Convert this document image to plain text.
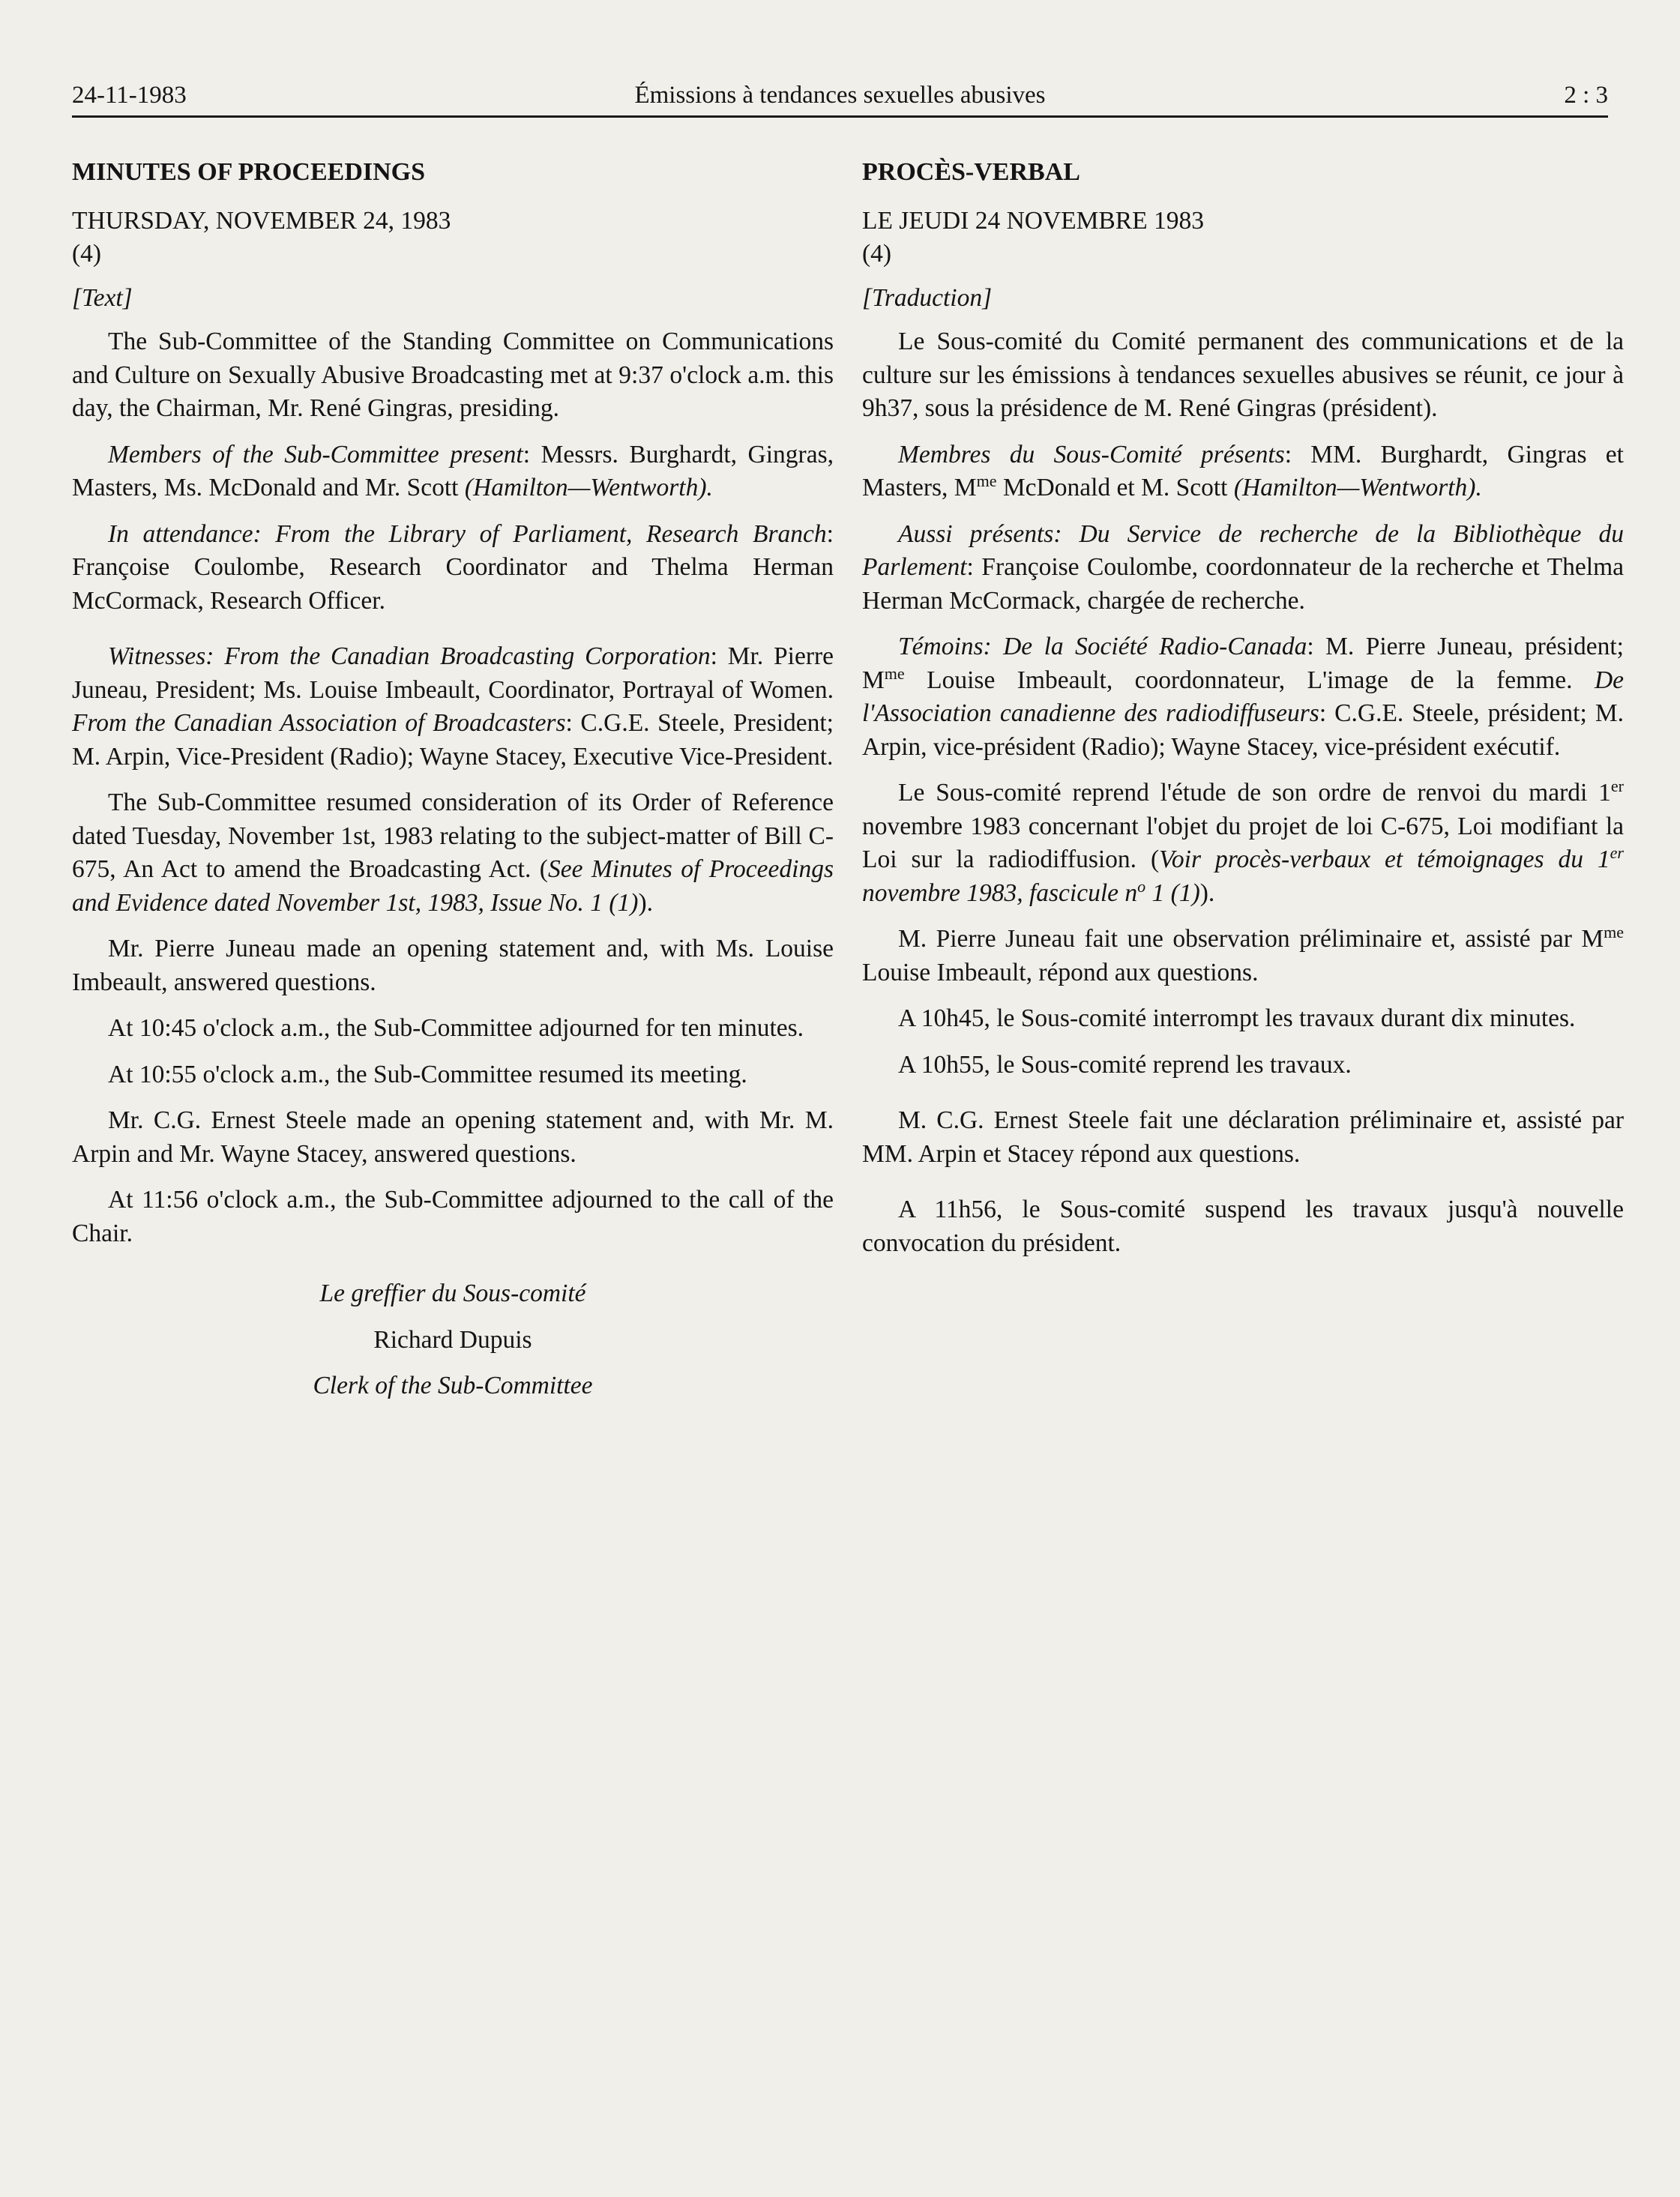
24-11-1983	Émissions à tendances sexuelles abusives	2 : 3

MINUTES OF PROCEEDINGS

THURSDAY, NOVEMBER 24, 1983

(4)

[Text]

The Sub-Committee of the Standing Committee on Communications and Culture on Sexually Abusive Broadcasting met at 9:37 o'clock a.m. this day, the Chairman, Mr. René Gingras, presiding.

Members of the Sub-Committee present: Messrs. Burghardt, Gingras, Masters, Ms. McDonald and Mr. Scott (Hamilton—Wentworth).

In attendance: From the Library of Parliament, Research Branch: Françoise Coulombe, Research Coordinator and Thelma Herman McCormack, Research Officer.

Witnesses: From the Canadian Broadcasting Corporation: Mr. Pierre Juneau, President; Ms. Louise Imbeault, Coordinator, Portrayal of Women. From the Canadian Association of Broadcasters: C.G.E. Steele, President; M. Arpin, Vice-President (Radio); Wayne Stacey, Executive Vice-President.

The Sub-Committee resumed consideration of its Order of Reference dated Tuesday, November 1st, 1983 relating to the subject-matter of Bill C-675, An Act to amend the Broadcasting Act. (See Minutes of Proceedings and Evidence dated November 1st, 1983, Issue No. 1 (1)).

Mr. Pierre Juneau made an opening statement and, with Ms. Louise Imbeault, answered questions.

At 10:45 o'clock a.m., the Sub-Committee adjourned for ten minutes.

At 10:55 o'clock a.m., the Sub-Committee resumed its meeting.

Mr. C.G. Ernest Steele made an opening statement and, with Mr. M. Arpin and Mr. Wayne Stacey, answered questions.

At 11:56 o'clock a.m., the Sub-Committee adjourned to the call of the Chair.

Le greffier du Sous-comité

Richard Dupuis

Clerk of the Sub-Committee

PROCÈS-VERBAL

LE JEUDI 24 NOVEMBRE 1983

(4)

[Traduction]

Le Sous-comité du Comité permanent des communications et de la culture sur les émissions à tendances sexuelles abusives se réunit, ce jour à 9h37, sous la présidence de M. René Gingras (président).

Membres du Sous-Comité présents: MM. Burghardt, Gingras et Masters, $M^{me}$ McDonald et M. Scott (Hamilton—Wentworth).

Aussi présents: Du Service de recherche de la Bibliothèque du Parlement: Françoise Coulombe, coordonnateur de la recherche et Thelma Herman McCormack, chargée de recherche.

Témoins: De la Société Radio-Canada: M. Pierre Juneau, président; $M^{me}$ Louise Imbeault, coordonnateur, L'image de la femme. De l'Association canadienne des radiodiffuseurs: C.G.E. Steele, président; M. Arpin, vice-président (Radio); Wayne Stacey, vice-président exécutif.

Le Sous-comité reprend l'étude de son ordre de renvoi du mardi 1er novembre 1983 concernant l'objet du projet de loi C-675, Loi modifiant la Loi sur la radiodiffusion. (Voir procès-verbaux et témoignages du 1er novembre 1983, fascicule $n^o$ 1 (1)).

M. Pierre Juneau fait une observation préliminaire et, assisté par $M^{me}$ Louise Imbeault, répond aux questions.

A 10h45, le Sous-comité interrompt les travaux durant dix minutes.

A 10h55, le Sous-comité reprend les travaux.

M. C.G. Ernest Steele fait une déclaration préliminaire et, assisté par MM. Arpin et Stacey répond aux questions.

A 11h56, le Sous-comité suspend les travaux jusqu'à nouvelle convocation du président.
